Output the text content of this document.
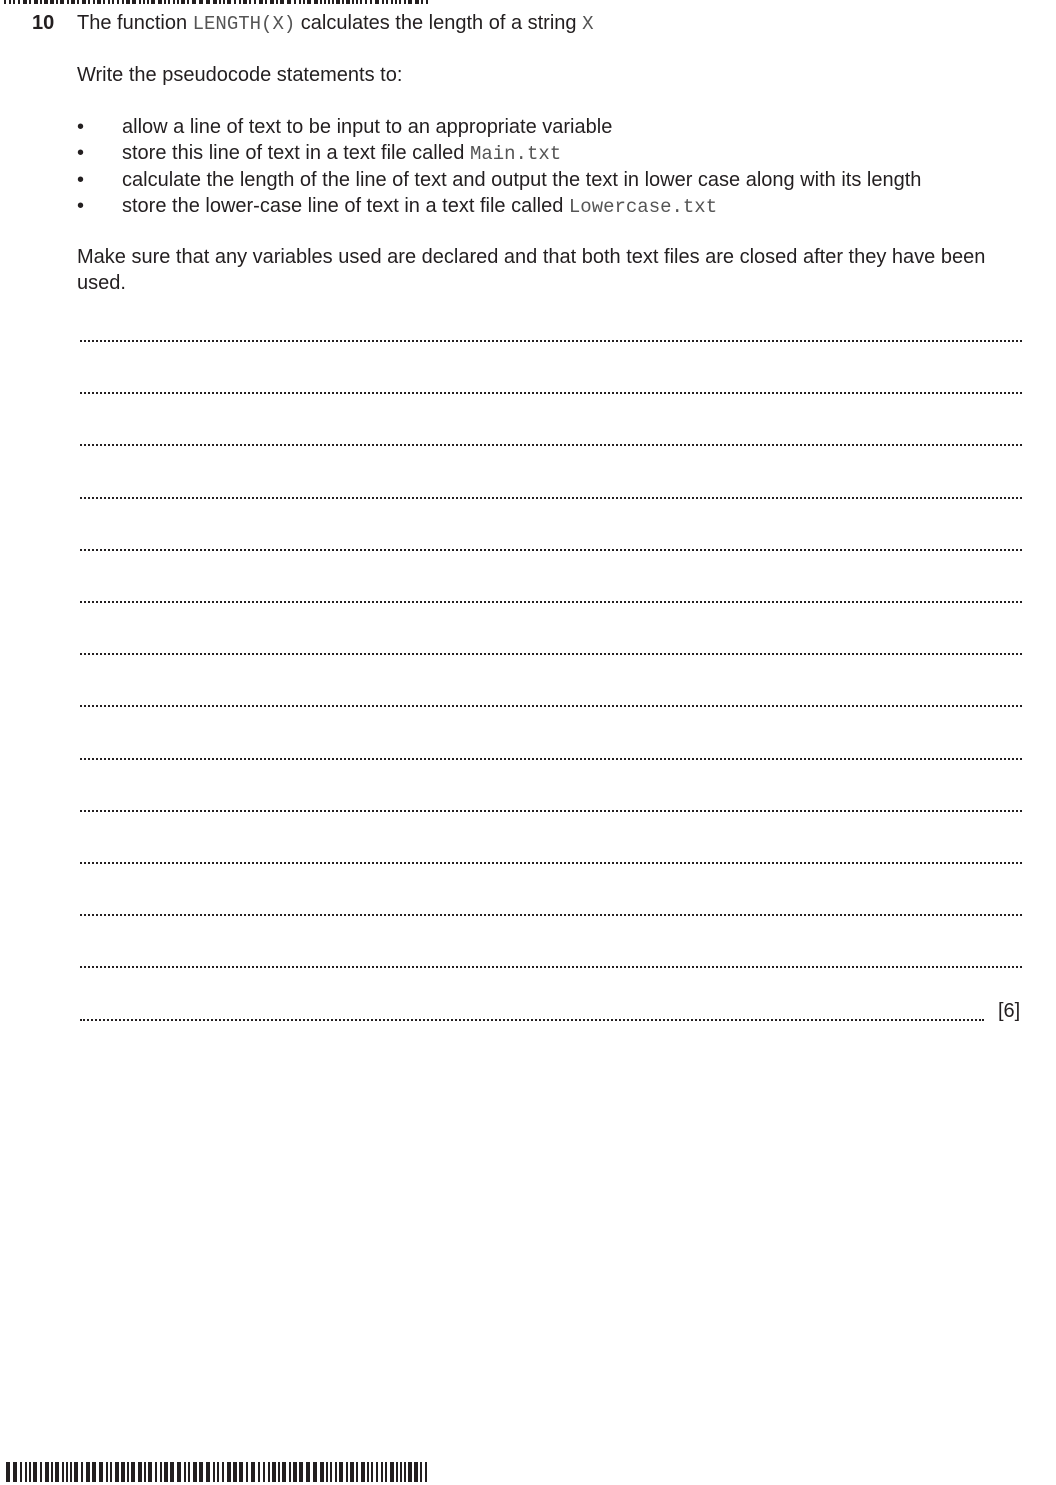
10 The function LENGTH(X) calculates the length of a string X
Write the pseudocode statements to:
• allow a line of text to be input to an appropriate variable
• store this line of text in a text file called Main.txt
• calculate the length of the line of text and output the text in lower case along with its length
• store the lower-case line of text in a text file called Lowercase.txt
Make sure that any variables used are declared and that both text files are closed after they have been used.
[6]
